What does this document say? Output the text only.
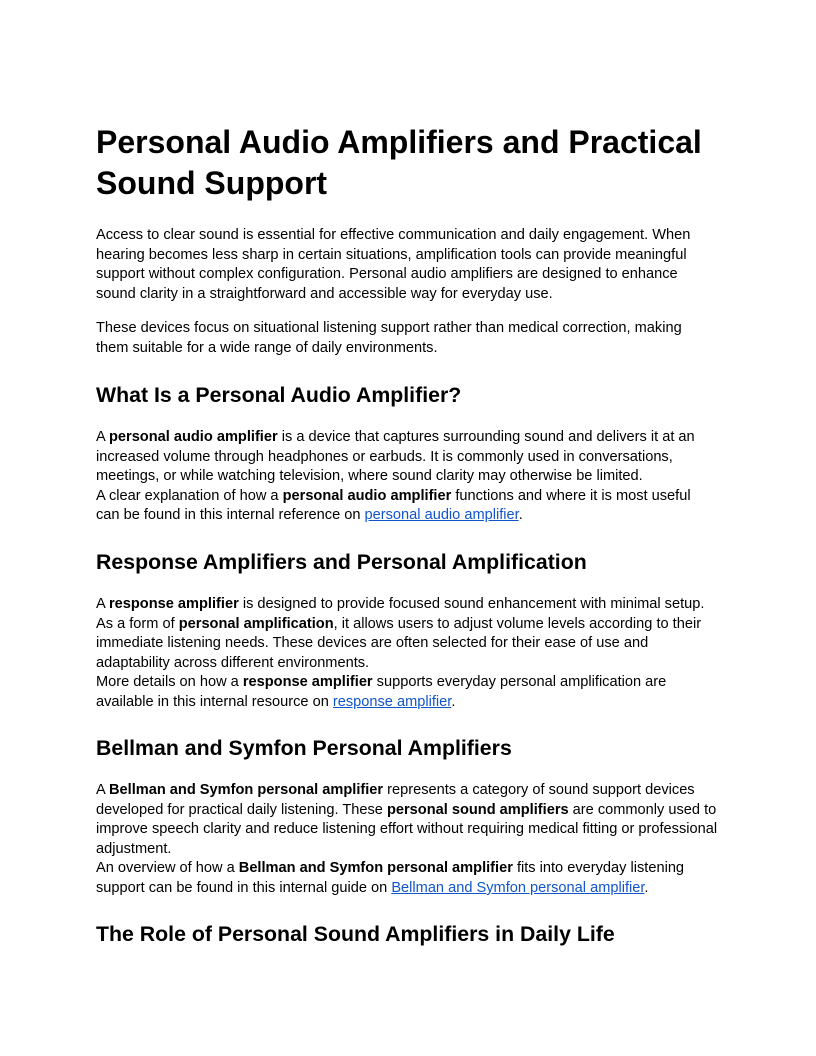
Personal Audio Amplifiers and Practical
Sound Support

Access to clear sound is essential for effective communication and daily engagement. When
hearing becomes less sharp in certain situations, amplification tools can provide meaningful
support without complex configuration. Personal audio amplifiers are designed to enhance
sound clarity in a straightforward and accessible way for everyday use.

These devices focus on situational listening support rather than medical correction, making
them suitable for a wide range of daily environments.

What Is a Personal Audio Amplifier?

A personal audio amplifier is a device that captures surrounding sound and delivers it at an
increased volume through headphones or earbuds. It is commonly used in conversations,
meetings, or while watching television, where sound clarity may otherwise be limited.
A clear explanation of how a personal audio amplifier functions and where it is most useful
can be found in this internal reference on personal audio amplifier.

Response Amplifiers and Personal Amplification

A response amplifier is designed to provide focused sound enhancement with minimal setup.
As a form of personal amplification, it allows users to adjust volume levels according to their
immediate listening needs. These devices are often selected for their ease of use and
adaptability across different environments.
More details on how a response amplifier supports everyday personal amplification are
available in this internal resource on response amplifier.

Bellman and Symfon Personal Amplifiers

A Bellman and Symfon personal amplifier represents a category of sound support devices
developed for practical daily listening. These personal sound amplifiers are commonly used to
improve speech clarity and reduce listening effort without requiring medical fitting or professional
adjustment.
An overview of how a Bellman and Symfon personal amplifier fits into everyday listening
support can be found in this internal guide on Bellman and Symfon personal amplifier.

The Role of Personal Sound Amplifiers in Daily Life
